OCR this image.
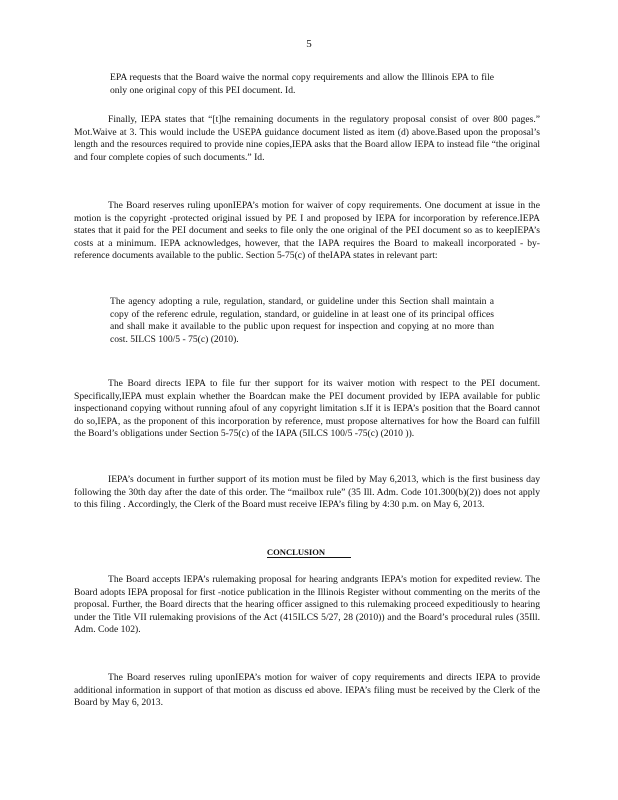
5

EPA requests that the Board waive the normal copy requirements and allow the Illinois EPA to file only one original copy of this PEI document. Id.

Finally, IEPA states that “[t]he remaining documents in the regulatory proposal consist of over 800 pages.” Mot.Waive at 3. This would include the USEPA guidance document listed as item (d) above.Based upon the proposal’s length and the resources required to provide nine copies,IEPA asks that the Board allow IEPA to instead file “the original and four complete copies of such documents.” Id.

The Board reserves ruling uponIEPA’s motion for waiver of copy requirements. One document at issue in the motion is the copyright -protected original issued by PE I and proposed by IEPA for incorporation by reference.IEPA states that it paid for the PEI document and seeks to file only the one original of the PEI document so as to keepIEPA’s costs at a minimum. IEPA acknowledges, however, that the IAPA requires the Board to makeall incorporated - by-reference documents available to the public. Section 5-75(c) of theIAPA states in relevant part:

The agency adopting a rule, regulation, standard, or guideline under this Section shall maintain a copy of the referenc edrule, regulation, standard, or guideline in at least one of its principal offices and shall make it available to the public upon request for inspection and copying at no more than cost. 5ILCS 100/5 - 75(c) (2010).

The Board directs IEPA to file fur ther support for its waiver motion with respect to the PEI document. Specifically,IEPA must explain whether the Boardcan make the PEI document provided by IEPA available for public inspectionand copying without running afoul of any copyright limitation s.If it is IEPA’s position that the Board cannot do so,IEPA, as the proponent of this incorporation by reference, must propose alternatives for how the Board can fulfill the Board’s obligations under Section 5-75(c) of the IAPA (5ILCS 100/5 -75(c) (2010 )).

IEPA’s document in further support of its motion must be filed by May 6,2013, which is the first business day following the 30th day after the date of this order. The “mailbox rule” (35 Ill. Adm. Code 101.300(b)(2)) does not apply to this filing . Accordingly, the Clerk of the Board must receive IEPA’s filing by 4:30 p.m. on May 6, 2013.

CONCLUSION

The Board accepts IEPA’s rulemaking proposal for hearing andgrants IEPA’s motion for expedited review. The Board adopts IEPA proposal for first -notice publication in the Illinois Register without commenting on the merits of the proposal. Further, the Board directs that the hearing officer assigned to this rulemaking proceed expeditiously to hearing under the Title VII rulemaking provisions of the Act (415ILCS 5/27, 28 (2010)) and the Board’s procedural rules (35Ill. Adm. Code 102).

The Board reserves ruling uponIEPA’s motion for waiver of copy requirements and directs IEPA to provide additional information in support of that motion as discuss ed above. IEPA’s filing must be received by the Clerk of the Board by May 6, 2013.
